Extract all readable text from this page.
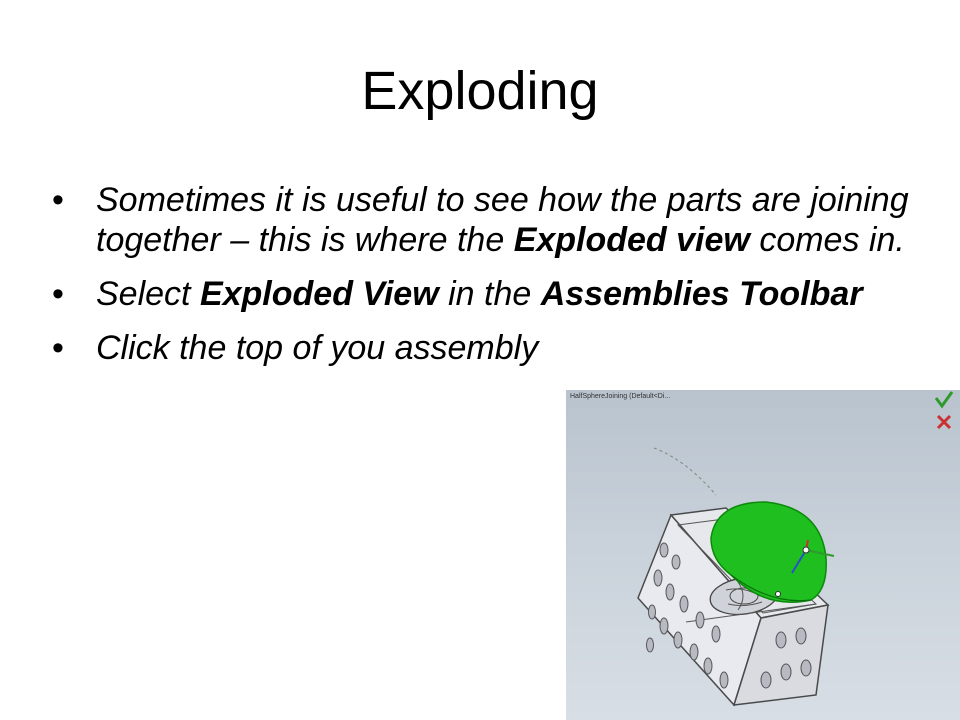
Exploding
• Sometimes it is useful to see how the parts are joining together – this is where the Exploded view comes in.
• Select Exploded View in the Assemblies Toolbar
• Click the top of you assembly
HalfSphereJoining (Default<Di...
